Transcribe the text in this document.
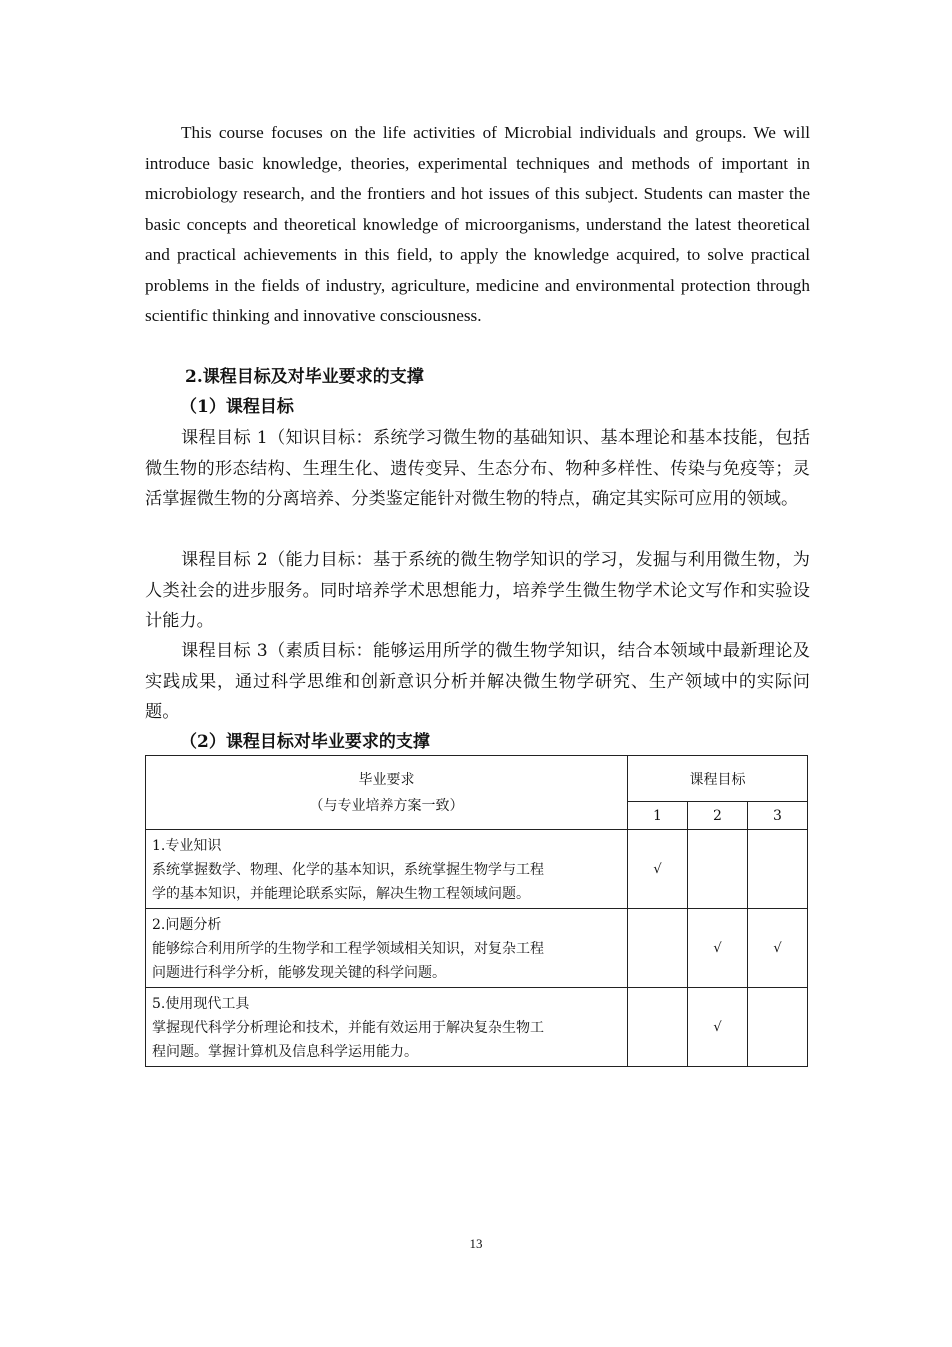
This course focuses on the life activities of Microbial individuals and groups. We will introduce basic knowledge, theories, experimental techniques and methods of important in microbiology research, and the frontiers and hot issues of this subject. Students can master the basic concepts and theoretical knowledge of microorganisms, understand the latest theoretical and practical achievements in this field, to apply the knowledge acquired, to solve practical problems in the fields of industry, agriculture, medicine and environmental protection through scientific thinking and innovative consciousness.

2.课程目标及对毕业要求的支撑

（1）课程目标

课程目标 1（知识目标：系统学习微生物的基础知识、基本理论和基本技能，包括微生物的形态结构、生理生化、遗传变异、生态分布、物种多样性、传染与免疫等；灵活掌握微生物的分离培养、分类鉴定能针对微生物的特点，确定其实际可应用的领域。

课程目标 2（能力目标：基于系统的微生物学知识的学习，发掘与利用微生物，为人类社会的进步服务。同时培养学术思想能力，培养学生微生物学术论文写作和实验设计能力。

课程目标 3（素质目标：能够运用所学的微生物学知识，结合本领域中最新理论及实践成果，通过科学思维和创新意识分析并解决微生物学研究、生产领域中的实际问题。

（2）课程目标对毕业要求的支撑

毕业要求
（与专业培养方案一致）	课程目标		
	1	2	3

1.专业知识
系统掌握数学、物理、化学的基本知识，系统掌握生物学与工程
学的基本知识，并能理论联系实际，解决生物工程领域问题。	√		

2.问题分析
能够综合利用所学的生物学和工程学领域相关知识，对复杂工程
问题进行科学分析，能够发现关键的科学问题。		√	√

5.使用现代工具
掌握现代科学分析理论和技术，并能有效运用于解决复杂生物工
程问题。掌握计算机及信息科学运用能力。		√	
13
